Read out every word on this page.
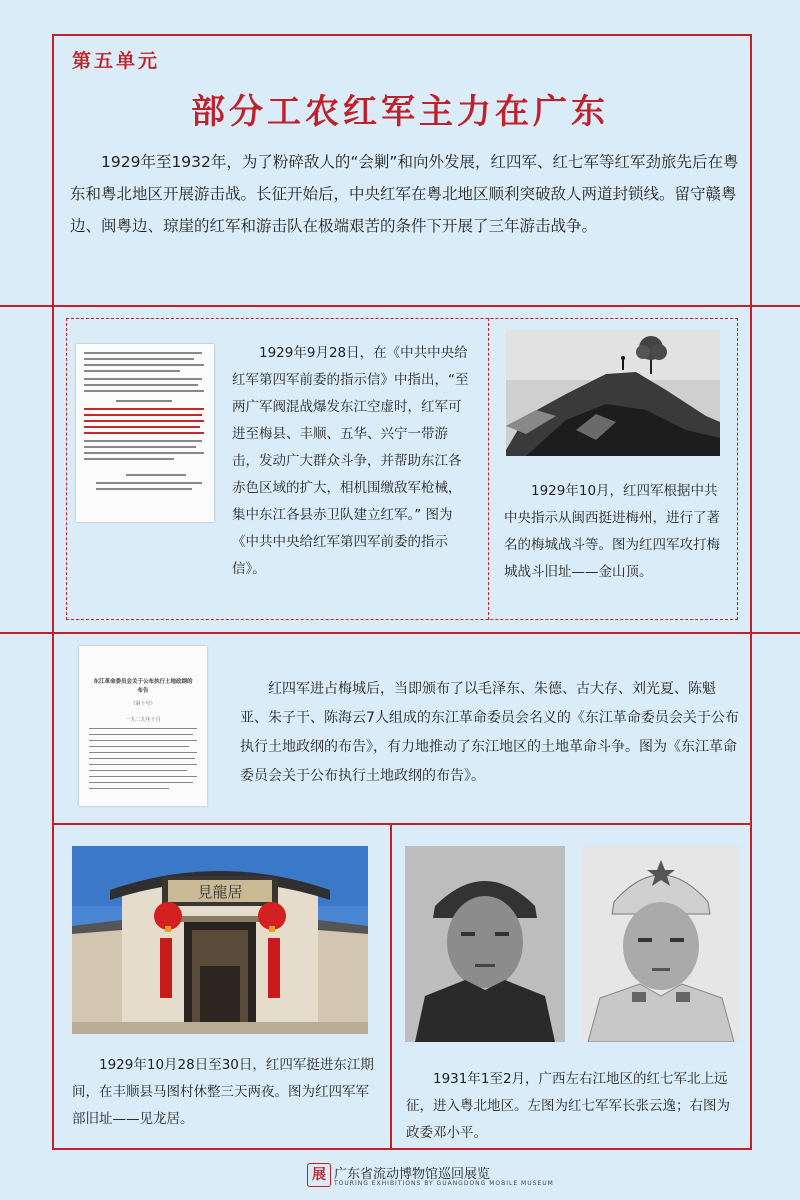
第五单元
部分工农红军主力在广东
1929年至1932年，为了粉碎敌人的“会剿”和向外发展，红四军、红七军等红军劲旅先后在粤东和粤北地区开展游击战。长征开始后，中央红军在粤北地区顺利突破敌人两道封锁线。留守赣粤边、闽粤边、琼崖的红军和游击队在极端艰苦的条件下开展了三年游击战争。
1929年9月28日，在《中共中央给红军第四军前委的指示信》中指出，“至两广军阀混战爆发东江空虚时，红军可进至梅县、丰顺、五华、兴宁一带游击，发动广大群众斗争，并帮助东江各赤色区域的扩大，相机围缴敌军枪械，集中东江各县赤卫队建立红军。” 图为《中共中央给红军第四军前委的指示信》。
1929年10月，红四军根据中共中央指示从闽西挺进梅州，进行了著名的梅城战斗等。图为红四军攻打梅城战斗旧址——金山顶。
东江革命委员会关于公布执行土地政纲的布告
（第十号）
一九二九年十月
红四军进占梅城后，当即颁布了以毛泽东、朱德、古大存、刘光夏、陈魁亚、朱子干、陈海云7人组成的东江革命委员会名义的《东江革命委员会关于公布执行土地政纲的布告》，有力地推动了东江地区的土地革命斗争。图为《东江革命委员会关于公布执行土地政纲的布告》。
見龍居
1929年10月28日至30日，红四军挺进东江期间，在丰顺县马图村休整三天两夜。图为红四军军部旧址——见龙居。
1931年1至2月，广西左右江地区的红七军北上远征，进入粤北地区。左图为红七军军长张云逸；右图为政委邓小平。
展 广东省流动博物馆巡回展览
TOURING EXHIBITIONS BY GUANGDONG MOBILE MUSEUM
